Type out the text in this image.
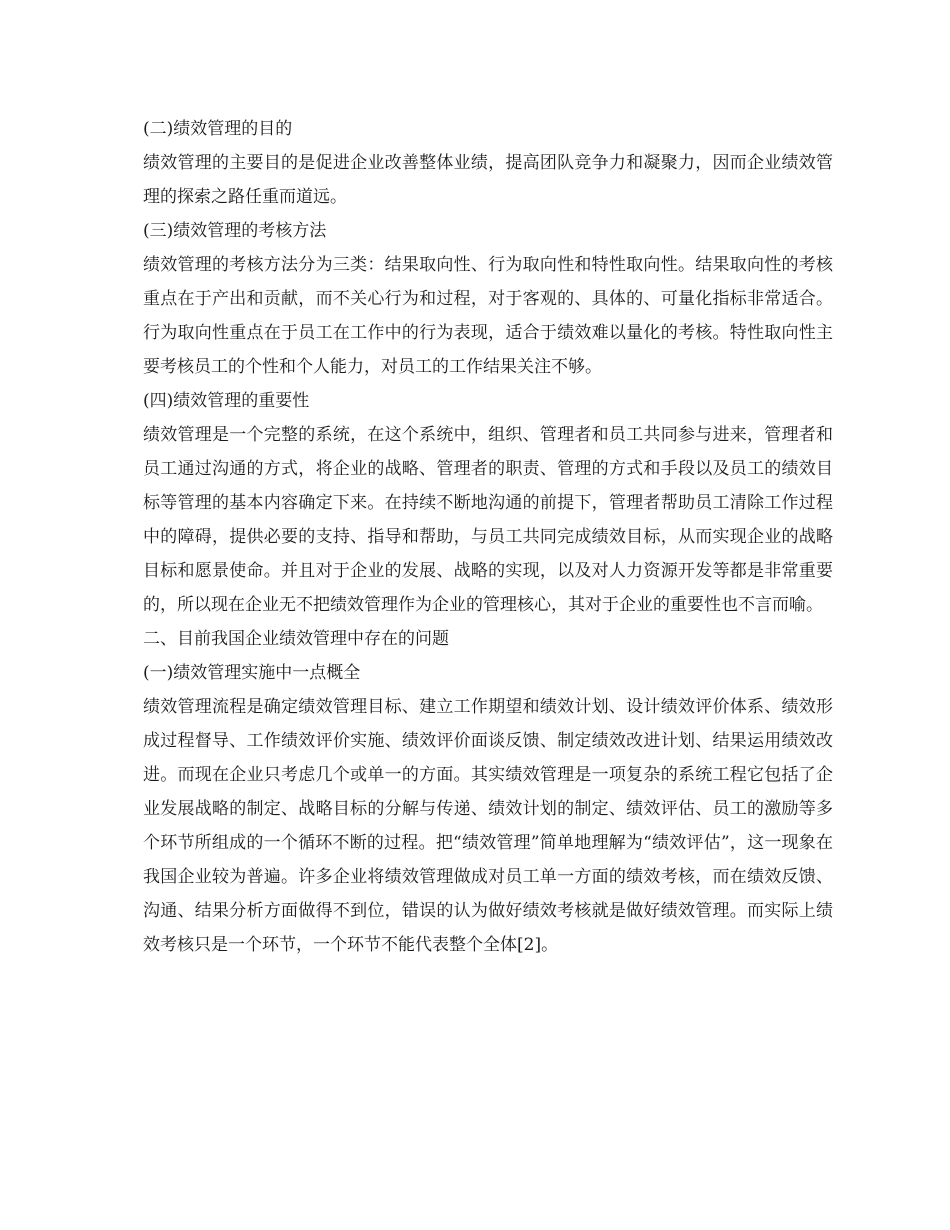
(二)绩效管理的目的

绩效管理的主要目的是促进企业改善整体业绩，提高团队竞争力和凝聚力，因而企业绩效管理的探索之路任重而道远。

(三)绩效管理的考核方法

绩效管理的考核方法分为三类：结果取向性、行为取向性和特性取向性。结果取向性的考核重点在于产出和贡献，而不关心行为和过程，对于客观的、具体的、可量化指标非常适合。行为取向性重点在于员工在工作中的行为表现，适合于绩效难以量化的考核。特性取向性主要考核员工的个性和个人能力，对员工的工作结果关注不够。

(四)绩效管理的重要性

绩效管理是一个完整的系统，在这个系统中，组织、管理者和员工共同参与进来，管理者和员工通过沟通的方式，将企业的战略、管理者的职责、管理的方式和手段以及员工的绩效目标等管理的基本内容确定下来。在持续不断地沟通的前提下，管理者帮助员工清除工作过程中的障碍，提供必要的支持、指导和帮助，与员工共同完成绩效目标，从而实现企业的战略目标和愿景使命。并且对于企业的发展、战略的实现，以及对人力资源开发等都是非常重要的，所以现在企业无不把绩效管理作为企业的管理核心，其对于企业的重要性也不言而喻。

二、目前我国企业绩效管理中存在的问题

(一)绩效管理实施中一点概全

绩效管理流程是确定绩效管理目标、建立工作期望和绩效计划、设计绩效评价体系、绩效形成过程督导、工作绩效评价实施、绩效评价面谈反馈、制定绩效改进计划、结果运用绩效改进。而现在企业只考虑几个或单一的方面。其实绩效管理是一项复杂的系统工程它包括了企业发展战略的制定、战略目标的分解与传递、绩效计划的制定、绩效评估、员工的激励等多个环节所组成的一个循环不断的过程。把“绩效管理”简单地理解为“绩效评估”，这一现象在我国企业较为普遍。许多企业将绩效管理做成对员工单一方面的绩效考核，而在绩效反馈、沟通、结果分析方面做得不到位，错误的认为做好绩效考核就是做好绩效管理。而实际上绩效考核只是一个环节，一个环节不能代表整个全体[2]。
